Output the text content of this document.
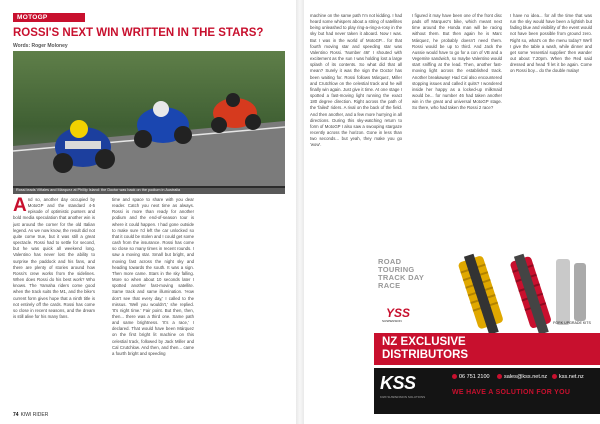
MOTOGP
ROSSI'S NEXT WIN WRITTEN IN THE STARS?
Words: Roger Moloney
Rossi leads Viñales and Márquez at Phillip Island: the Doctor was back on the podium in Australia
And so, another day occupied by MotoGP and the standard 4-5 episode of optimistic punters and bold media speculation that another win is just around the corner for the old Italian legend. As we now know, the result did not quite come true, but it was still a great spectacle. Rossi had to settle for second, but he was quick all weekend long. Valentino has never lost the ability to surprise the paddock and his fans, and there are plenty of stories around how Rossi's crew works from the sidelines. When does Rossi do his best work? Who knows. The Yamaha riders come good when the track suits the M1, and the bike's current form gives hope that a ninth title is not entirely off the cards. Rossi has come so close in recent seasons, and the dream is still alive for his many fans.
time and space to share with you dear reader. Catch you next time as always. Rossi is more than ready for another podium and the end-of-season tour is where it could happen. I had gone outside to make sure I'd left the car unlocked so that it could be stolen and I could get some cash from the insurance. Rossi has come so close so many times in recent rounds. I saw a moving star. Small but bright, and moving fast across the night sky and heading towards the south. It was a sign. Then more came. Stars in the sky falling. More so when about 10 seconds later I spotted another fast-moving satellite. Same track and same illumination. 'How don't see that every day,' I called to the missus. 'Well you wouldn't,' she replied. 'It's night time.' Fair point. But then, then, then... there was a third one. Same path and same brightness. 'It's a race,' I declared. That would have been Márquez on the first bright lit machine on this celestial track, followed by Jack Miller and Cal Crutchlow. And then, and then... came a fourth bright and speeding
74 KIWI RIDER
machine on the same path I'm not kidding. I had heard some whispers about a string of satellites being unleashed to play ring-a-ring-a-rosy in the sky but had never taken it aboard. Now I was. But I was in the world of MotoGP... for that fourth moving star and speeding star was Valentino Rossi. 'Number 46!' I shouted with excitement as the sun I was holding lost a large splash of its contents. So what did that all mean? Surely it was the sign the Doctor has been waiting for. Rossi follows Márquez, Miller and Crutchlow on the celestial track and he will finally win again. Just give it time. At one stage I spotted a fast-moving light running the exact 180 degree direction. Right across the path of the 'failed' riders. A rival on the back of the field. And then another, and a few more hurrying in all directions. During this sky-watching return to form of MotoGP I also saw a swooping stargaze recently across the horizon. Gone in less than two seconds... but yeah, they make you go 'wow'.
I figured it may have been one of the front disc pads off Marquez's bike, which meant next time around the Honda man will be racing without them. But then again he is Marc Márquez, he probably doesn't need them. Rossi would be up to third. And Jack the Aussie would have to go for a con of VB and a Vegemite sandwich, so maybe Valentino would start sniffing at the lead. Then, another fast-moving light across the established track. Another breakaway! Had Cal also encountered stopping issues and called it quits? I wondered inside her happy as a locked-up milkmaid would be... for number 46 had taken another win in the great and universal MotoGP stage. So there, who had taken the Rossi 2 race?
I have no idea... for all the time that was run the sky would have been a lightish but fading blue and visibility of the event would not have been possible from ground zero. Right so, what's on the menu today? We'll I give the table a wash, while dinner and get some 'essential supplies' then wander out about 7.20pm. When the Red said dressed and head 'll let it be again. Come on Rossi boy... do the double malay!
ROAD
TOURING
TRACK DAY
RACE
YSS
SUSPENSION	FORK UPGRADE KITS
NZ EXCLUSIVE
DISTRIBUTORS
KSS
KIWI SUSPENSION SOLUTIONS
06 751 2100	sales@kss.net.nz	kss.net.nz
WE HAVE A SOLUTION FOR YOU
